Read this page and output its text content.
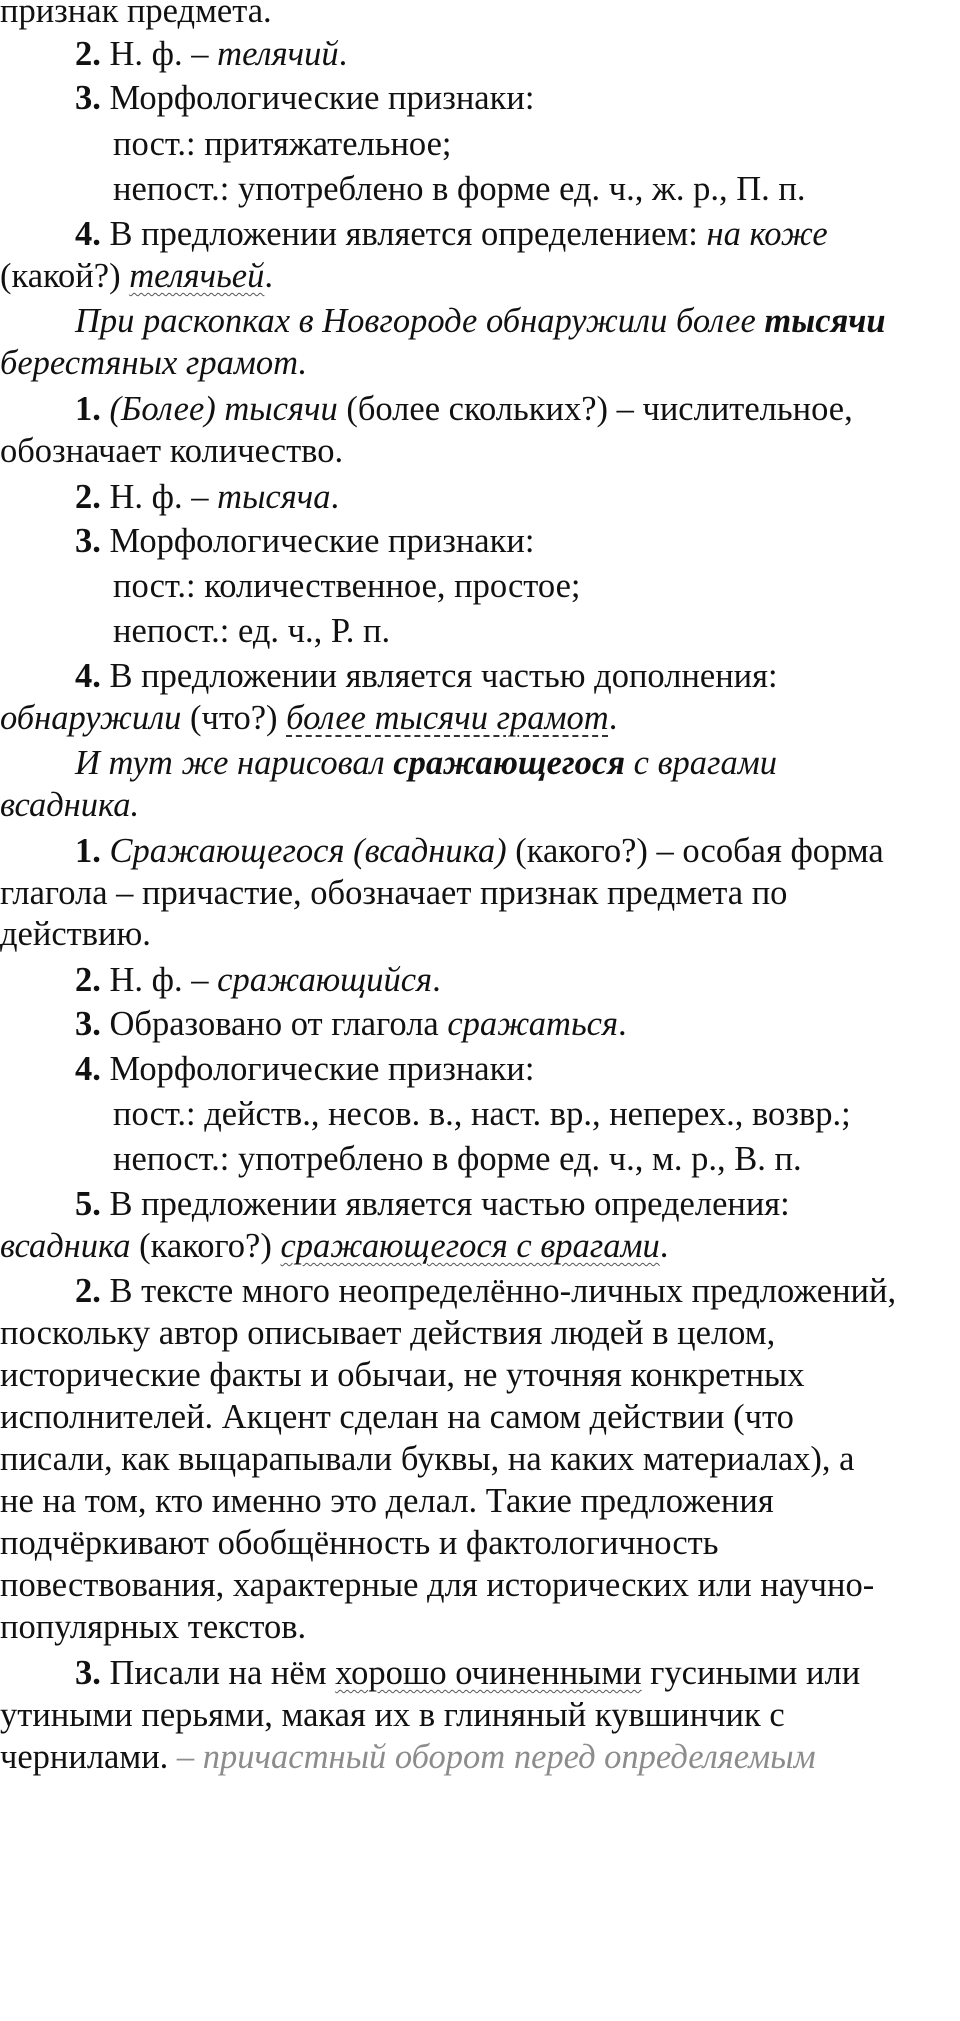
признак предмета.
2. Н. ф. – телячий.
3. Морфологические признаки:
пост.: притяжательное;
непост.: употреблено в форме ед. ч., ж. р., П. п.
4. В предложении является определением: на коже
(какой?) телячьей.
При раскопках в Новгороде обнаружили более тысячи
берестяных грамот.
1. (Более) тысячи (более скольких?) – числительное,
обозначает количество.
2. Н. ф. – тысяча.
3. Морфологические признаки:
пост.: количественное, простое;
непост.: ед. ч., Р. п.
4. В предложении является частью дополнения:
обнаружили (что?) более тысячи грамот.
И тут же нарисовал сражающегося с врагами
всадника.
1. Сражающегося (всадника) (какого?) – особая форма
глагола – причастие, обозначает признак предмета по
действию.
2. Н. ф. – сражающийся.
3. Образовано от глагола сражаться.
4. Морфологические признаки:
пост.: действ., несов. в., наст. вр., неперех., возвр.;
непост.: употреблено в форме ед. ч., м. р., В. п.
5. В предложении является частью определения:
всадника (какого?) сражающегося с врагами.
2. В тексте много неопределённо-личных предложений,
поскольку автор описывает действия людей в целом,
исторические факты и обычаи, не уточняя конкретных
исполнителей. Акцент сделан на самом действии (что
писали, как выцарапывали буквы, на каких материалах), а
не на том, кто именно это делал. Такие предложения
подчёркивают обобщённость и фактологичность
повествования, характерные для исторических или научно-
популярных текстов.
3. Писали на нём хорошо очиненными гусиными или
утиными перьями, макая их в глиняный кувшинчик с
чернилами. – причастный оборот перед определяемым
